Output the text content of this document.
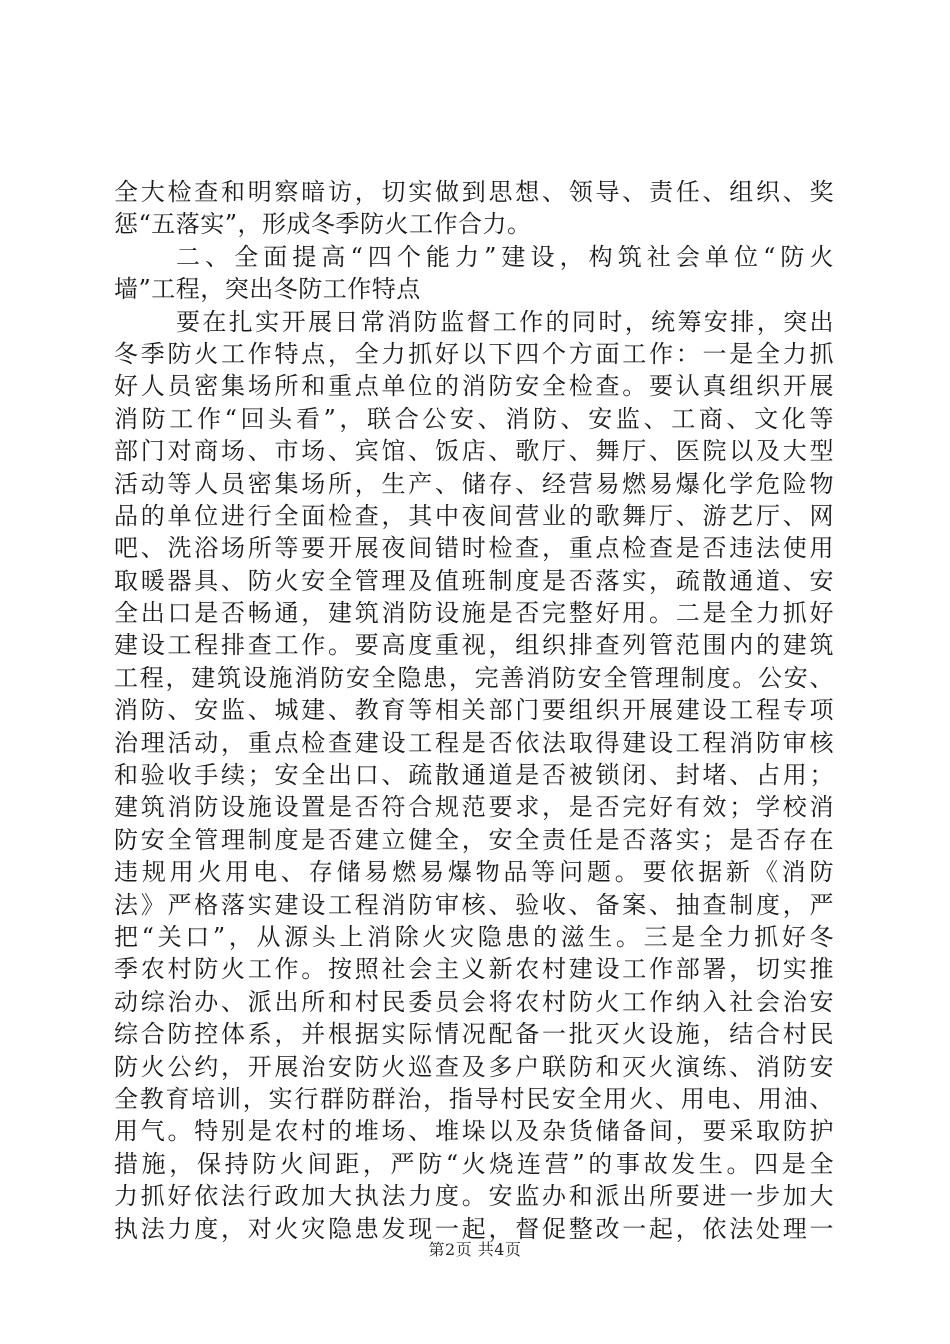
全大检查和明察暗访，切实做到思想、领导、责任、组织、奖
惩“五落实”，形成冬季防火工作合力。
二、全面提高“四个能力”建设，构筑社会单位“防火
墙”工程，突出冬防工作特点
要在扎实开展日常消防监督工作的同时，统筹安排，突出
冬季防火工作特点，全力抓好以下四个方面工作：一是全力抓
好人员密集场所和重点单位的消防安全检查。要认真组织开展
消防工作“回头看”，联合公安、消防、安监、工商、文化等
部门对商场、市场、宾馆、饭店、歌厅、舞厅、医院以及大型
活动等人员密集场所，生产、储存、经营易燃易爆化学危险物
品的单位进行全面检查，其中夜间营业的歌舞厅、游艺厅、网
吧、洗浴场所等要开展夜间错时检查，重点检查是否违法使用
取暖器具、防火安全管理及值班制度是否落实，疏散通道、安
全出口是否畅通，建筑消防设施是否完整好用。二是全力抓好
建设工程排查工作。要高度重视，组织排查列管范围内的建筑
工程，建筑设施消防安全隐患，完善消防安全管理制度。公安、
消防、安监、城建、教育等相关部门要组织开展建设工程专项
治理活动，重点检查建设工程是否依法取得建设工程消防审核
和验收手续；安全出口、疏散通道是否被锁闭、封堵、占用；
建筑消防设施设置是否符合规范要求，是否完好有效；学校消
防安全管理制度是否建立健全，安全责任是否落实；是否存在
违规用火用电、存储易燃易爆物品等问题。要依据新《消防
法》严格落实建设工程消防审核、验收、备案、抽查制度，严
把“关口”，从源头上消除火灾隐患的滋生。三是全力抓好冬
季农村防火工作。按照社会主义新农村建设工作部署，切实推
动综治办、派出所和村民委员会将农村防火工作纳入社会治安
综合防控体系，并根据实际情况配备一批灭火设施，结合村民
防火公约，开展治安防火巡查及多户联防和灭火演练、消防安
全教育培训，实行群防群治，指导村民安全用火、用电、用油、
用气。特别是农村的堆场、堆垛以及杂货储备间，要采取防护
措施，保持防火间距，严防“火烧连营”的事故发生。四是全
力抓好依法行政加大执法力度。安监办和派出所要进一步加大
执法力度，对火灾隐患发现一起，督促整改一起，依法处理一
第2页 共4页
